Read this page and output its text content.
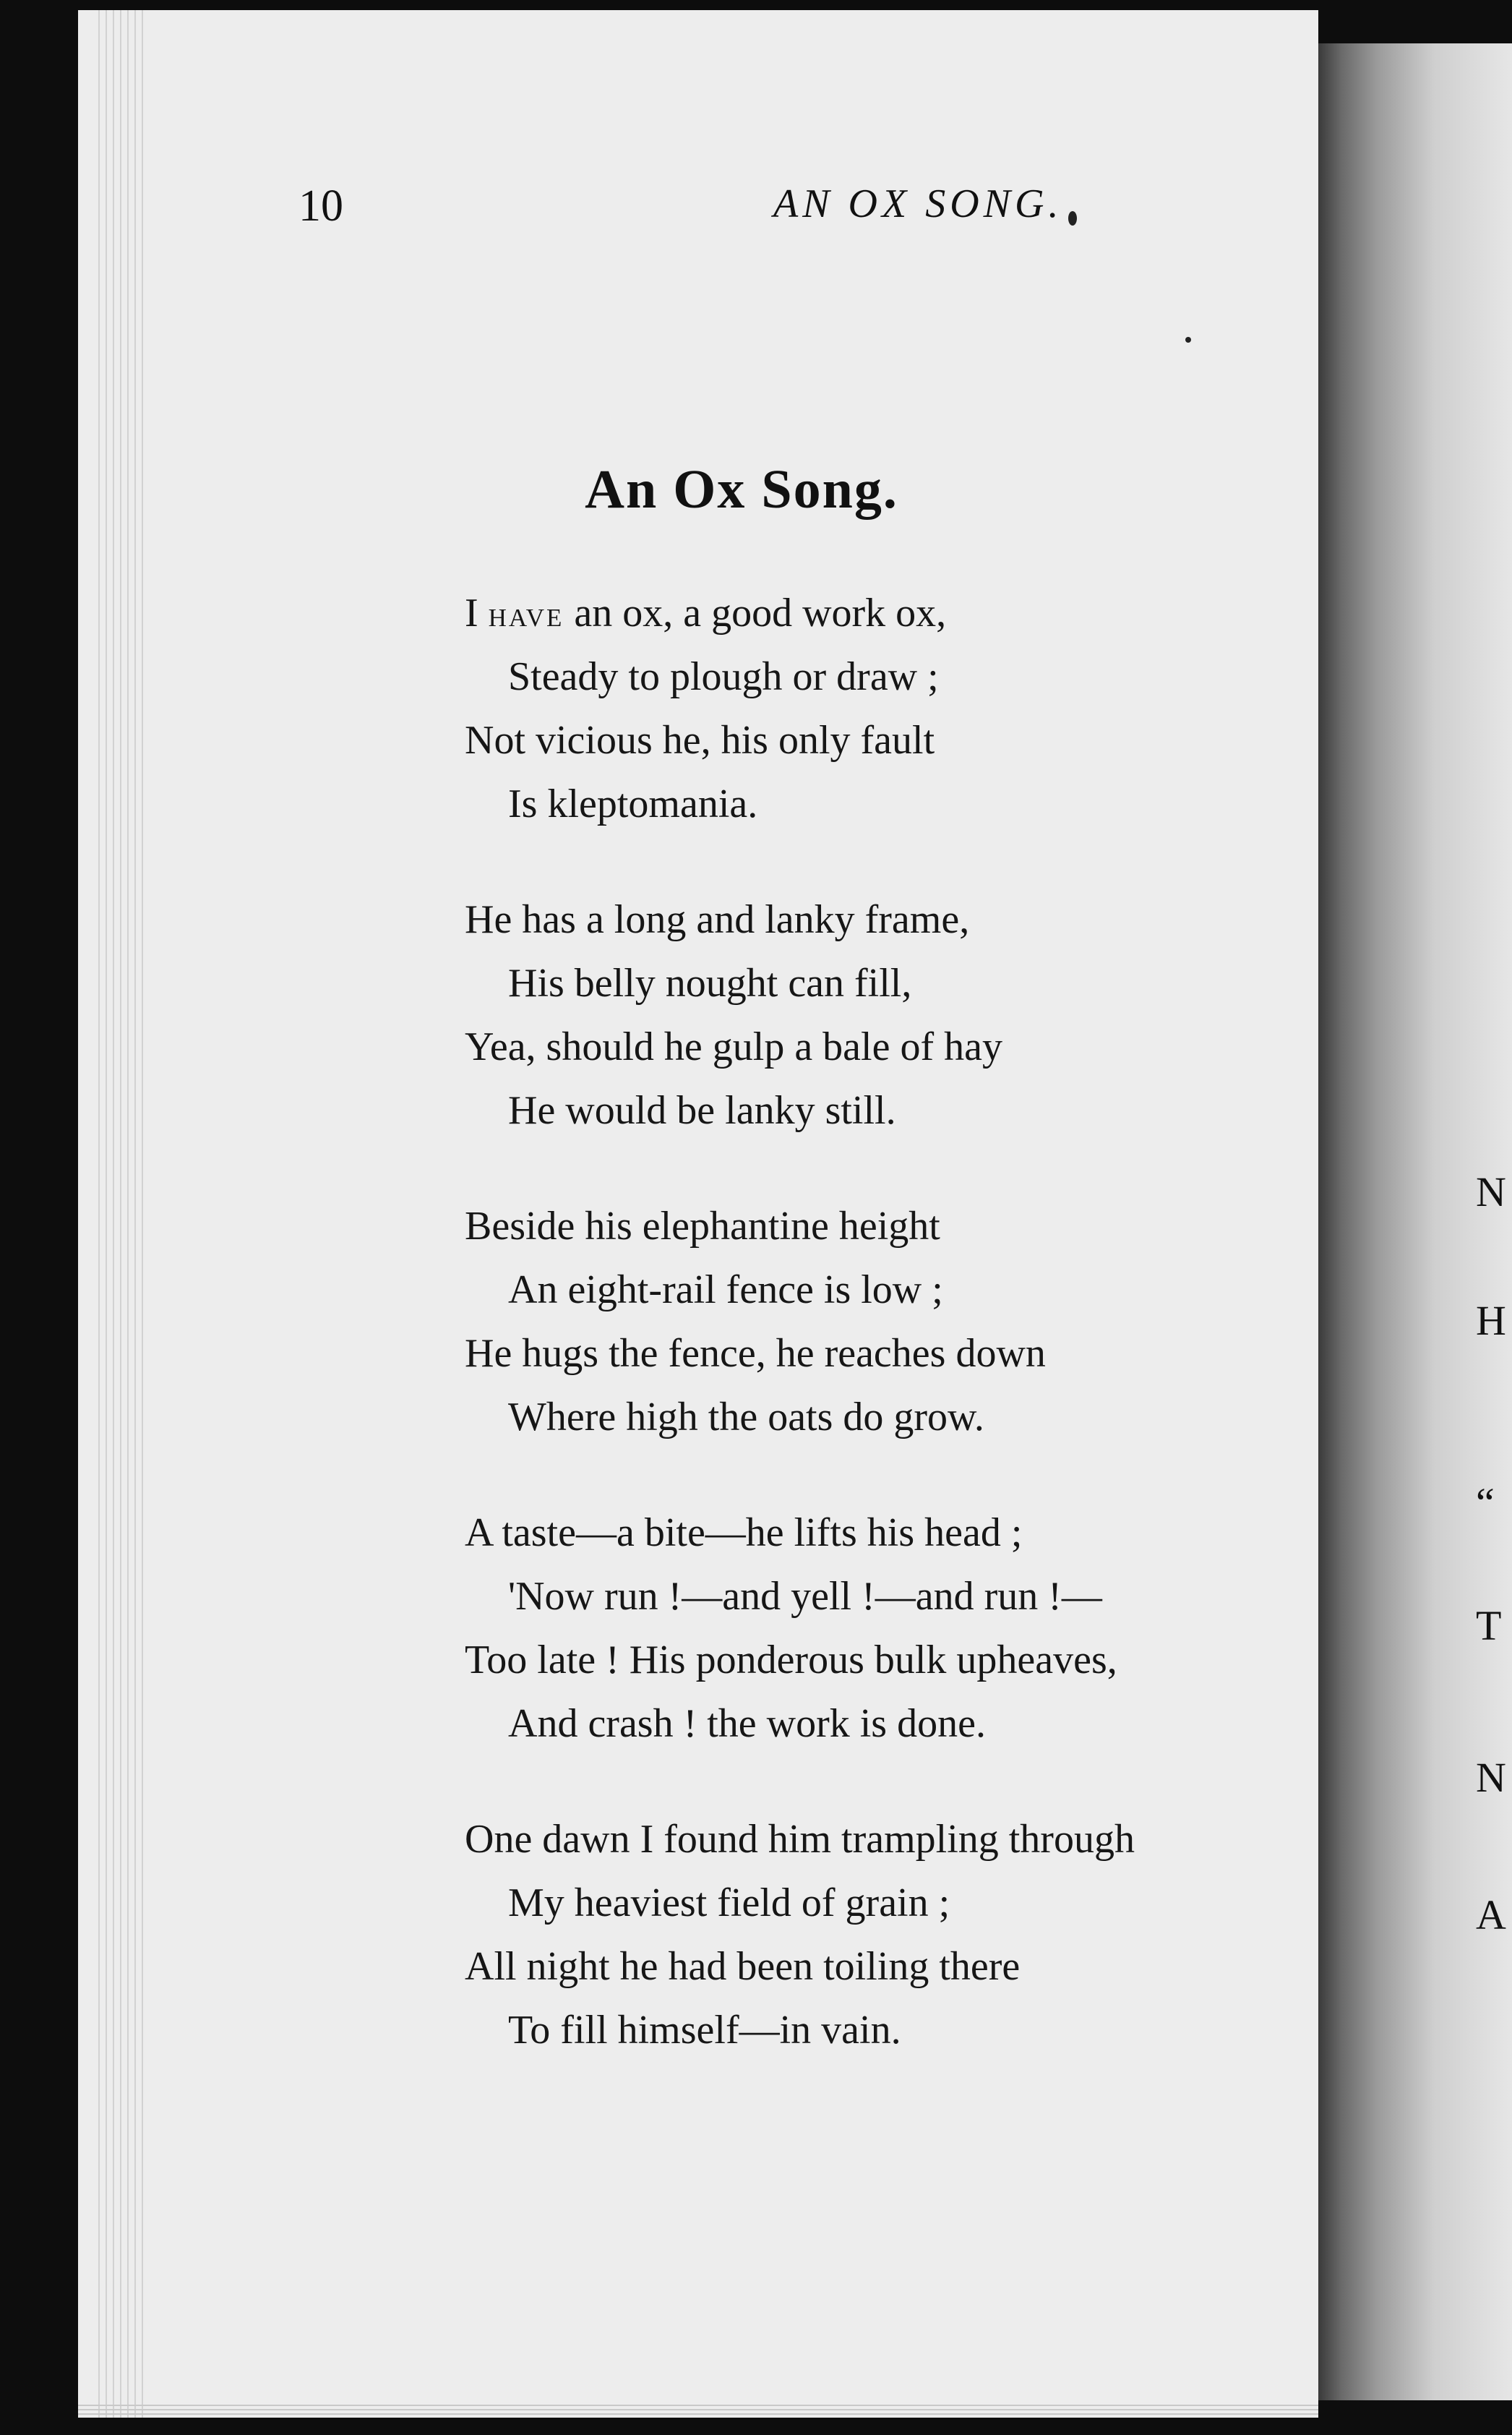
10	AN OX SONG.
An Ox Song.
I have an ox, a good work ox,
Steady to plough or draw ;
Not vicious he, his only fault
Is kleptomania.
He has a long and lanky frame,
His belly nought can fill,
Yea, should he gulp a bale of hay
He would be lanky still.
Beside his elephantine height
An eight-rail fence is low ;
He hugs the fence, he reaches down
Where high the oats do grow.
A taste—a bite—he lifts his head ;
'Now run !—and yell !—and run !—
Too late ! His ponderous bulk upheaves,
And crash ! the work is done.
One dawn I found him trampling through
My heaviest field of grain ;
All night he had been toiling there
To fill himself—in vain.
N
H
“
T
N
A
